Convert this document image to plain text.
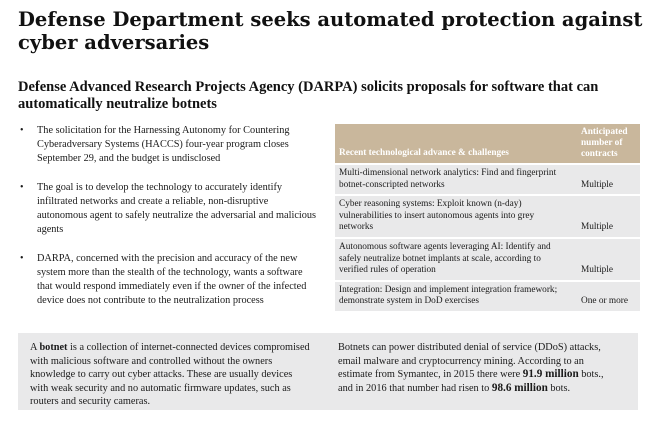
Defense Department seeks automated protection against cyber adversaries
Defense Advanced Research Projects Agency (DARPA) solicits proposals for software that can automatically neutralize botnets
• The solicitation for the Harnessing Autonomy for Countering Cyberadversary Systems (HACCS) four-year program closes September 29, and the budget is undisclosed
• The goal is to develop the technology to accurately identify infiltrated networks and create a reliable, non-disruptive autonomous agent to safely neutralize the adversarial and malicious agents
• DARPA, concerned with the precision and accuracy of the new system more than the stealth of the technology, wants a software that would respond immediately even if the owner of the infected device does not contribute to the neutralization process
Recent technological advance & challenges	Anticipated number of contracts
Multi-dimensional network analytics: Find and fingerprint botnet-conscripted networks	Multiple
Cyber reasoning systems: Exploit known (n-day) vulnerabilities to insert autonomous agents into grey networks	Multiple
Autonomous software agents leveraging AI: Identify and safely neutralize botnet implants at scale, according to verified rules of operation	Multiple
Integration: Design and implement integration framework; demonstrate system in DoD exercises	One or more
A botnet is a collection of internet-connected devices compromised with malicious software and controlled without the owners knowledge to carry out cyber attacks. These are usually devices with weak security and no automatic firmware updates, such as routers and security cameras.
Botnets can power distributed denial of service (DDoS) attacks, email malware and cryptocurrency mining. According to an estimate from Symantec, in 2015 there were 91.9 million bots., and in 2016 that number had risen to 98.6 million bots.
